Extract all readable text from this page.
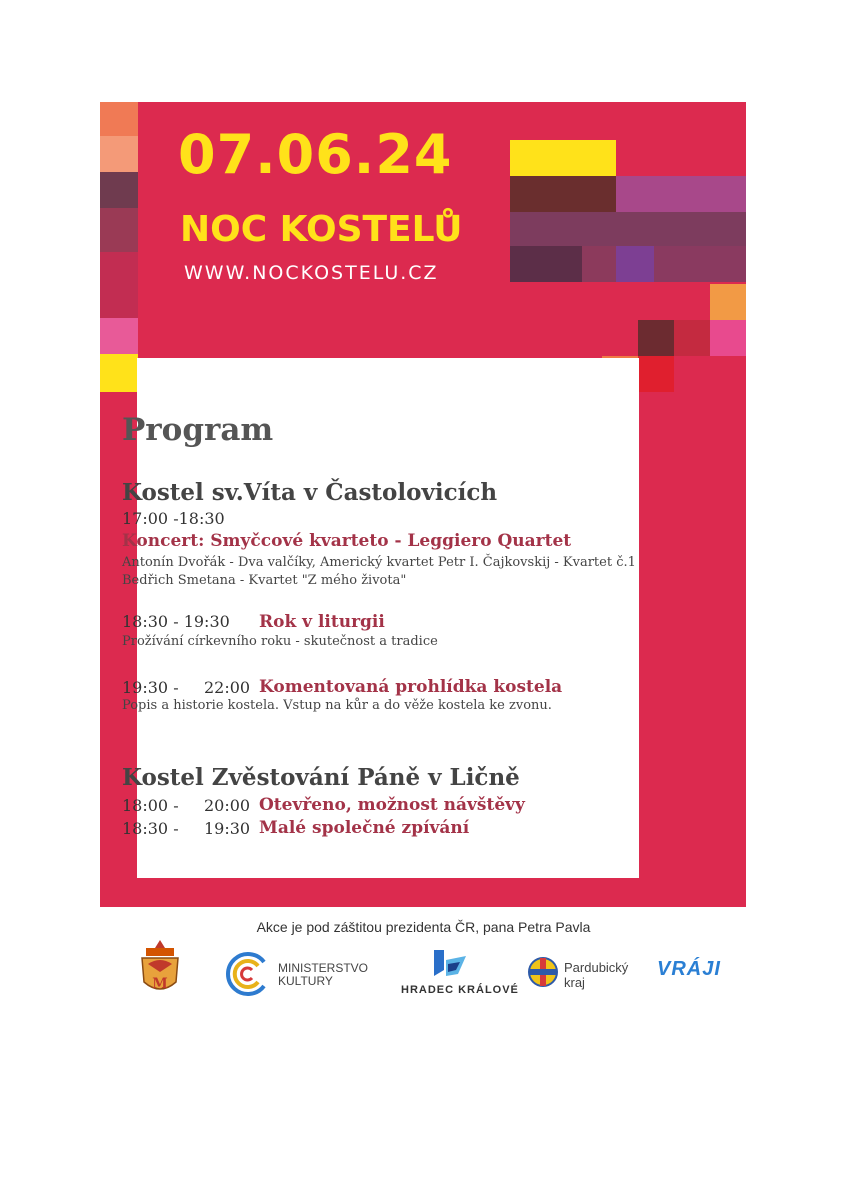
07.06.24
NOC KOSTELŮ
WWW.NOCKOSTELU.CZ
Program
Kostel sv.Víta v Častolovicích
17:00 -18:30
Koncert: Smyčcové kvarteto - Leggiero Quartet
Antonín Dvořák - Dva valčíky, Americký kvartet Petr I. Čajkovskij - Kvartet č.1
Bedřich Smetana - Kvartet "Z mého života"
18:30 - 19:30 Rok v liturgii
Prožívání církevního roku - skutečnost a tradice
19:30 - 22:00 Komentovaná prohlídka kostela
Popis a historie kostela. Vstup na kůr a do věže kostela ke zvonu.
Kostel Zvěstování Páně v Ličně
18:00 - 20:00 Otevřeno, možnost návštěvy
18:30 - 19:30 Malé společné zpívání
Akce je pod záštitou prezidenta ČR, pana Petra Pavla
M
MINISTERSTVO
KULTURY
HRADEC KRÁLOVÉ
Pardubický
kraj
VRÁJI
